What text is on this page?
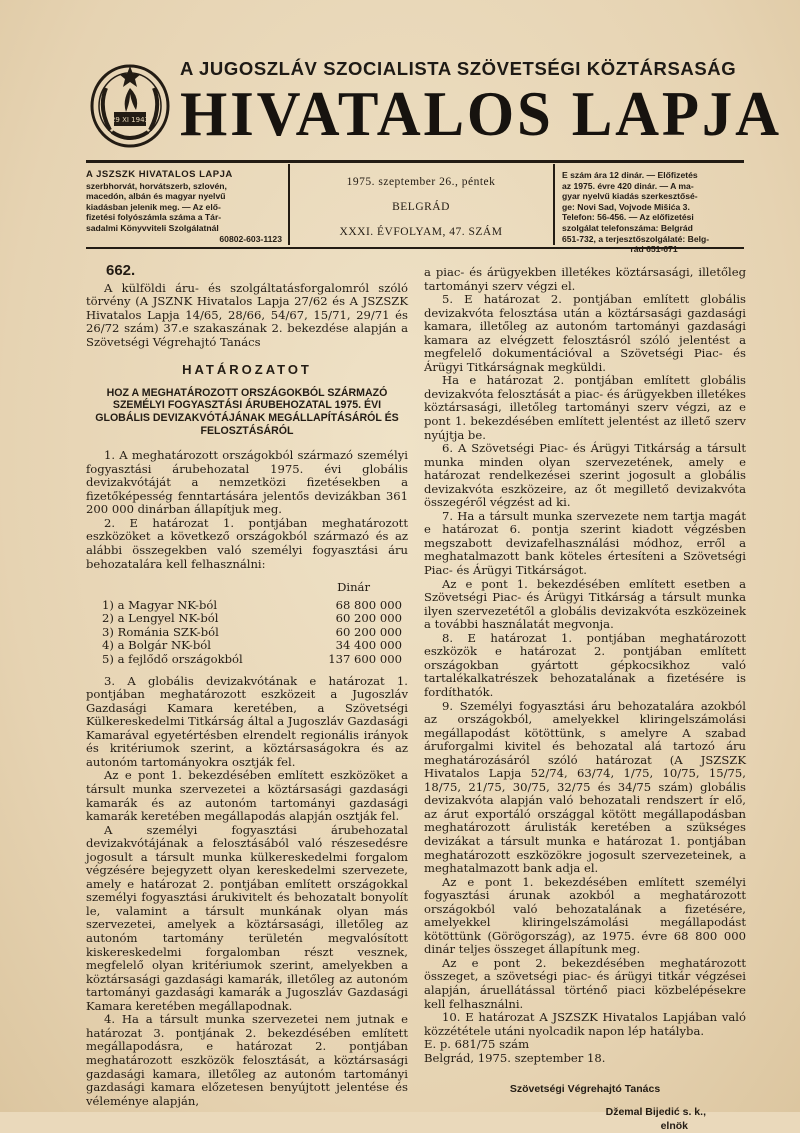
29 XI 1943
A JUGOSZLÁV SZOCIALISTA SZÖVETSÉGI KÖZTÁRSASÁG
HIVATALOS LAPJA
A JSZSZK HIVATALOS LAPJA
szerbhorvát, horvátszerb, szlovén,
macedón, albán és magyar nyelvű
kiadásban jelenik meg. — Az elő-
fizetési folyószámla száma a Tár-
sadalmi Könyvviteli Szolgálatnál

60802-603-1123
1975. szeptember 26., péntek
BELGRÁD
XXXI. ÉVFOLYAM, 47. SZÁM
E szám ára 12 dinár. — Előfizetés
az 1975. évre 420 dinár. — A ma-
gyar nyelvű kiadás szerkesztősé-
ge: Novi Sad, Vojvode Mišića 3.
Telefon: 56-456. — Az előfizetési
szolgálat telefonszáma: Belgrád
651-732, a terjesztőszolgálaté: Belg-

rád 651-671
662.

A külföldi áru- és szolgáltatásforgalomról szóló törvény (A JSZNK Hivatalos Lapja 27/62 és A JSZSZK Hivatalos Lapja 14/65, 28/66, 54/67, 15/71, 29/71 és 26/72 szám) 37.e szakaszának 2. bekezdése alapján a Szövetségi Végrehajtó Tanács

HATÁROZATOT
HOZ A MEGHATÁROZOTT ORSZÁGOKBÓL SZÁRMAZÓ SZEMÉLYI FOGYASZTÁSI ÁRUBEHOZATAL 1975. ÉVI GLOBÁLIS DEVIZAKVÓTÁJÁNAK MEGÁLLAPÍTÁSÁRÓL ÉS FELOSZTÁSÁRÓL

1. A meghatározott országokból származó személyi fogyasztási árubehozatal 1975. évi globális devizakvótáját a nemzetközi fizetésekben a fizetőképesség fenntartására jelentős devizákban 361 200 000 dinárban állapítjuk meg.

2. E határozat 1. pontjában meghatározott eszközöket a következő országokból származó és az alábbi összegekben való személyi fogyasztási áru behozatalára kell felhasználni:

Dinár
1) a Magyar NK-ból	68 800 000
2) a Lengyel NK-ból	60 200 000
3) Románia SZK-ból	60 200 000
4) a Bolgár NK-ból	34 400 000
5) a fejlődő országokból	137 600 000

3. A globális devizakvótának e határozat 1. pontjában meghatározott eszközeit a Jugoszláv Gazdasági Kamara keretében, a Szövetségi Külkereskedelmi Titkárság által a Jugoszláv Gazdasági Kamarával egyetértésben elrendelt regionális irányok és kritériumok szerint, a köztársaságokra és az autonóm tartományokra osztják fel.

Az e pont 1. bekezdésében említett eszközöket a társult munka szervezetei a köztársasági gazdasági kamarák és az autonóm tartományi gazdasági kamarák keretében megállapodás alapján osztják fel.

A személyi fogyasztási árubehozatal devizakvótájának a felosztásából való részesedésre jogosult a társult munka külkereskedelmi forgalom végzésére bejegyzett olyan kereskedelmi szervezete, amely e határozat 2. pontjában említett országokkal személyi fogyasztási árukivitelt és behozatalt bonyolít le, valamint a társult munkának olyan más szervezetei, amelyek a köztársasági, illetőleg az autonóm tartomány területén megvalósított kiskereskedelmi forgalomban részt vesznek, megfelelő olyan kritériumok szerint, amelyekben a köztársasági gazdasági kamarák, illetőleg az autonóm tartományi gazdasági kamarák a Jugoszláv Gazdasági Kamara keretében megállapodnak.

4. Ha a társult munka szervezetei nem jutnak e határozat 3. pontjának 2. bekezdésében említett megállapodásra, e határozat 2. pontjában meghatározott eszközök felosztását, a köztársasági gazdasági kamara, illetőleg az autonóm tartományi gazdasági kamara előzetesen benyújtott jelentése és véleménye alapján,

a piac- és árügyekben illetékes köztársasági, illetőleg tartományi szerv végzi el.

5. E határozat 2. pontjában említett globális devizakvóta felosztása után a köztársasági gazdasági kamara, illetőleg az autonóm tartományi gazdasági kamara az elvégzett felosztásról szóló jelentést a megfelelő dokumentációval a Szövetségi Piac- és Árügyi Titkárságnak megküldi.

Ha e határozat 2. pontjában említett globális devizakvóta felosztását a piac- és árügyekben illetékes köztársasági, illetőleg tartományi szerv végzi, az e pont 1. bekezdésében említett jelentést az illető szerv nyújtja be.

6. A Szövetségi Piac- és Árügyi Titkárság a társult munka minden olyan szervezetének, amely e határozat rendelkezései szerint jogosult a globális devizakvóta eszközeire, az őt megillető devizakvóta összegéről végzést ad ki.

7. Ha a társult munka szervezete nem tartja magát e határozat 6. pontja szerint kiadott végzésben megszabott devizafelhasználási módhoz, erről a meghatalmazott bank köteles értesíteni a Szövetségi Piac- és Árügyi Titkárságot.

Az e pont 1. bekezdésében említett esetben a Szövetségi Piac- és Árügyi Titkárság a társult munka ilyen szervezetétől a globális devizakvóta eszközeinek a további használatát megvonja.

8. E határozat 1. pontjában meghatározott eszközök e határozat 2. pontjában említett országokban gyártott gépkocsikhoz való tartalékalkatrészek behozatalának a fizetésére is fordíthatók.

9. Személyi fogyasztási áru behozatalára azokból az országokból, amelyekkel kliringelszámolási megállapodást kötöttünk, s amelyre A szabad áruforgalmi kivitel és behozatal alá tartozó áru meghatározásáról szóló határozat (A JSZSZK Hivatalos Lapja 52/74, 63/74, 1/75, 10/75, 15/75, 18/75, 21/75, 30/75, 32/75 és 34/75 szám) globális devizakvóta alapján való behozatali rendszert ír elő, az árut exportáló országgal kötött megállapodásban meghatározott árulisták keretében a szükséges devizákat a társult munka e határozat 1. pontjában meghatározott eszközökre jogosult szervezeteinek, a meghatalmazott bank adja el.

Az e pont 1. bekezdésében említett személyi fogyasztási árunak azokból a meghatározott országokból való behozatalának a fizetésére, amelyekkel kliringelszámolási megállapodást kötöttünk (Görögország), az 1975. évre 68 800 000 dinár teljes összeget állapítunk meg.

Az e pont 2. bekezdésében meghatározott összeget, a szövetségi piac- és árügyi titkár végzései alapján, áruellátással történő piaci közbelépésekre kell felhasználni.

10. E határozat A JSZSZK Hivatalos Lapjában való közzététele utáni nyolcadik napon lép hatályba.

E. p. 681/75 szám

Belgrád, 1975. szeptember 18.

Szövetségi Végrehajtó Tanács
Džemal Bijedić s. k.,
elnök
